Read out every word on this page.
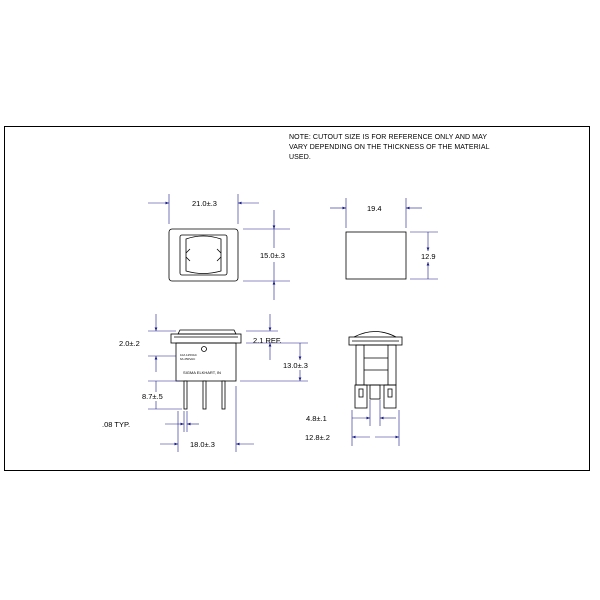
NOTE: CUTOUT SIZE IS FOR REFERENCE ONLY AND MAY
VARY DEPENDING ON THE THICKNESS OF THE MATERIAL
USED.
21.0±.3
15.0±.3
19.4
12.9
10A 125VAC
6A 250VAC
SIGMA ELKHART, IN
2.0±.2	2.1 REF.
13.0±.3
8.7±.5
.08 TYP.
18.0±.3
4.8±.1
12.8±.2
